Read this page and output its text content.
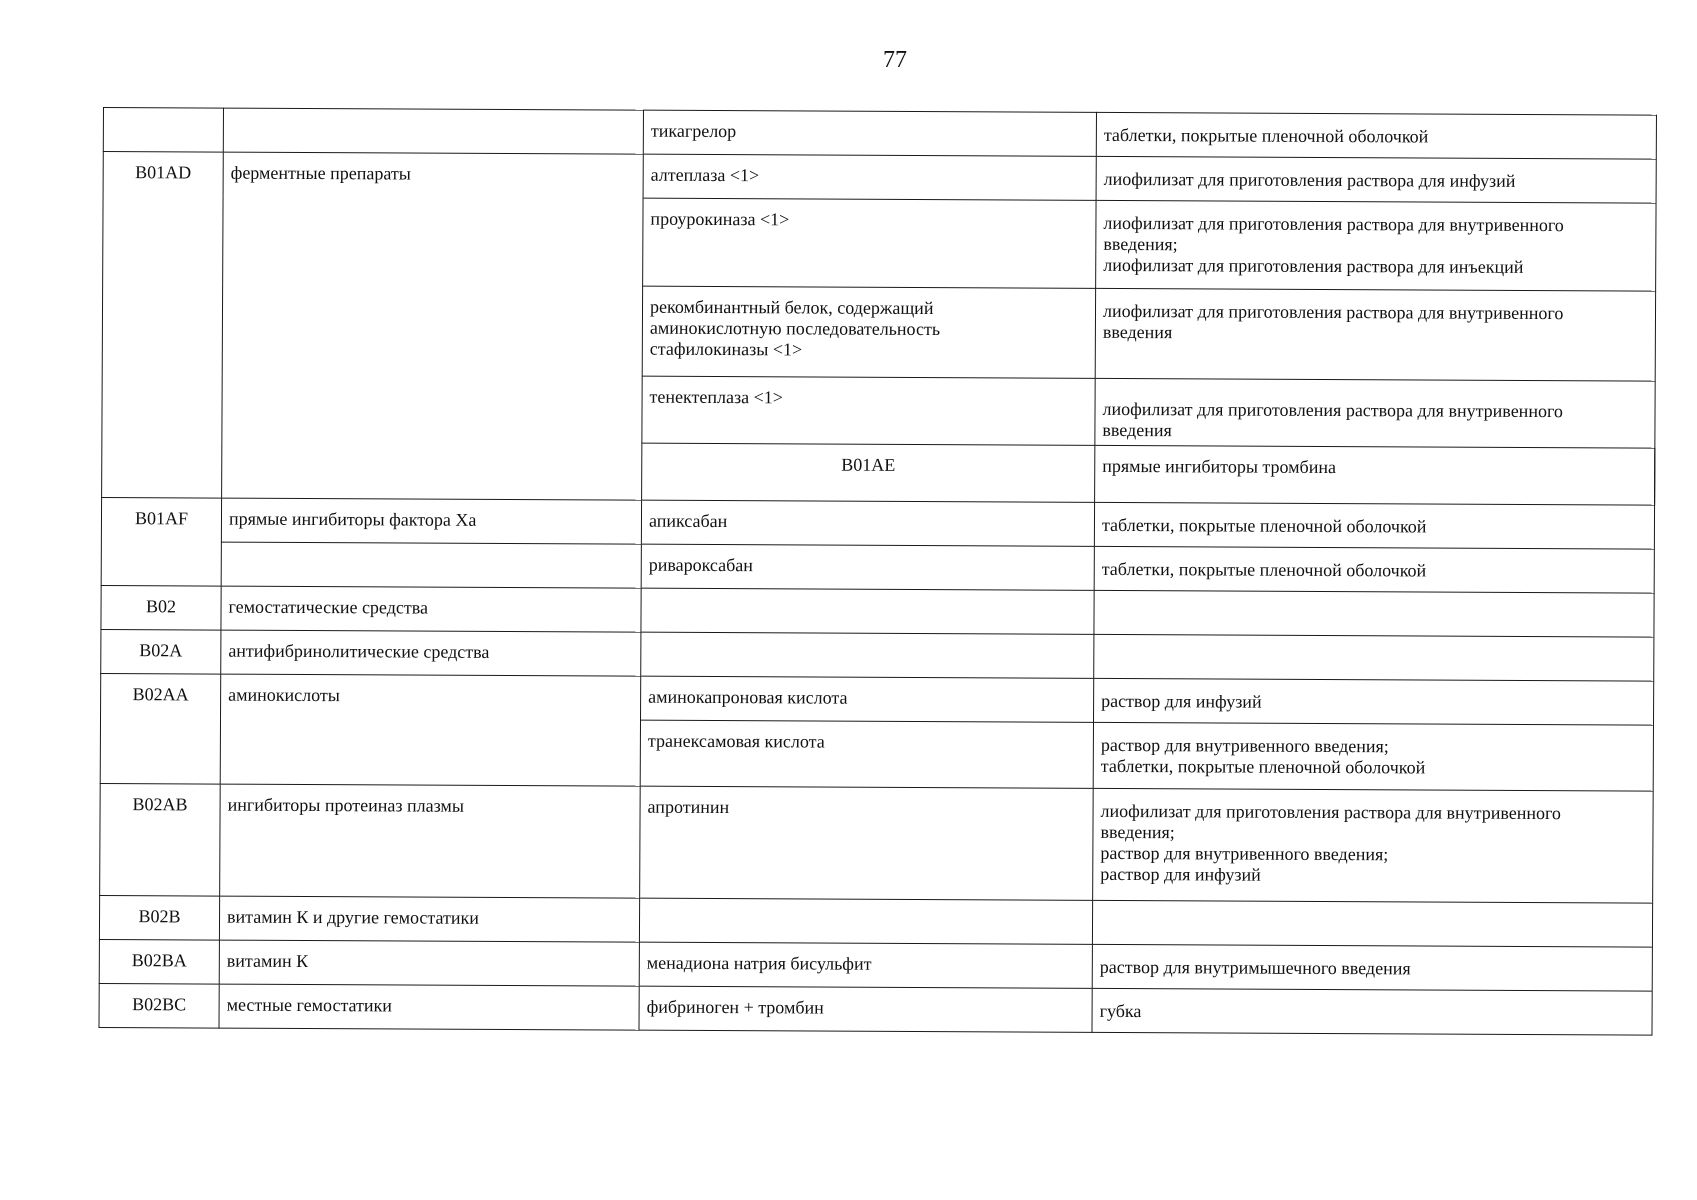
77
		тикагрелор	таблетки, покрытые пленочной оболочкой	

B01AD	ферментные препараты	алтеплаза <1>	лиофилизат для приготовления раствора для инфузий	

		проурокиназа <1>	лиофилизат для приготовления раствора для внутривенного
введения;
лиофилизат для приготовления раствора для инъекций	

		рекомбинантный белок, содержащий
аминокислотную последовательность
стафилокиназы <1>	лиофилизат для приготовления раствора для внутривенного
введения	

		тенектеплаза <1>	лиофилизат для приготовления раствора для внутривенного
введения	

		B01AE	прямые ингибиторы тромбина		

B01AF	прямые ингибиторы фактора Ха	апиксабан	таблетки, покрытые пленочной оболочкой	

		ривароксабан	таблетки, покрытые пленочной оболочкой	

B02	гемостатические средства			
B02A	антифибринолитические средства			
B02AA	аминокислоты	аминокапроновая кислота	раствор для инфузий	

		транексамовая кислота	раствор для внутривенного введения;
таблетки, покрытые пленочной оболочкой	

B02AB	ингибиторы протеиназ плазмы	апротинин	лиофилизат для приготовления раствора для внутривенного
введения;
раствор для внутривенного введения;
раствор для инфузий	

B02B	витамин К и другие гемостатики			
B02BA	витамин К	менадиона натрия бисульфит	раствор для внутримышечного введения	

B02BC	местные гемостатики	фибриноген + тромбин	губка	
